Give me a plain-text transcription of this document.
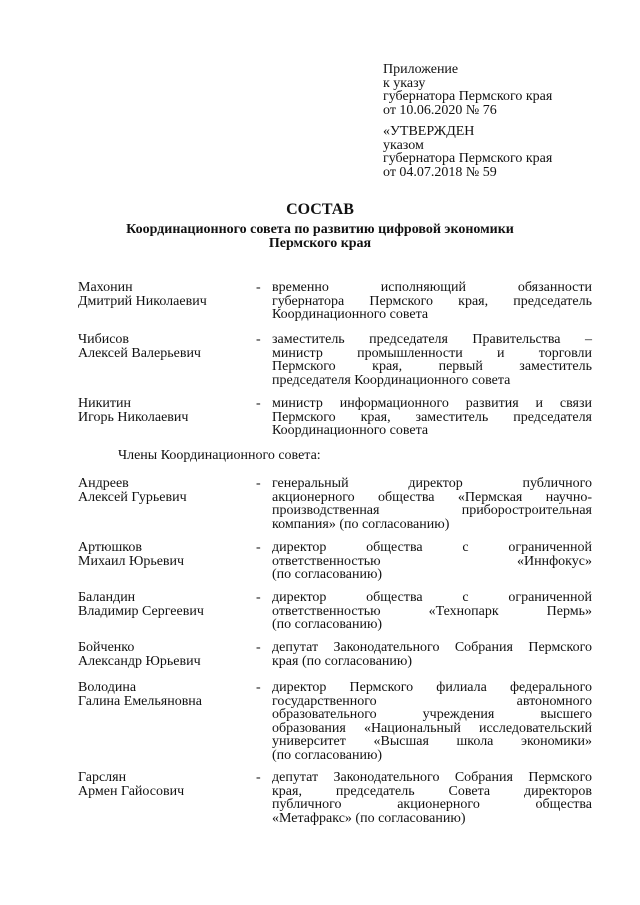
Приложение
к указу
губернатора Пермского края
от 10.06.2020 № 76
«УТВЕРЖДЕН
указом
губернатора Пермского края
от 04.07.2018 № 59
СОСТАВ
Координационного совета по развитию цифровой экономики
Пермского края
Махонин
Дмитрий Николаевич
- временно исполняющий обязанности
губернатора Пермского края, председатель
Координационного совета
Чибисов
Алексей Валерьевич
- заместитель председателя Правительства –
министр промышленности и торговли
Пермского края, первый заместитель
председателя Координационного совета
Никитин
Игорь Николаевич
- министр информационного развития и связи
Пермского края, заместитель председателя
Координационного совета
Члены Координационного совета:
Андреев
Алексей Гурьевич
- генеральный директор публичного
акционерного общества «Пермская научно-
производственная приборостроительная
компания» (по согласованию)
Артюшков
Михаил Юрьевич
- директор общества с ограниченной
ответственностью «Иннфокус»
(по согласованию)
Баландин
Владимир Сергеевич
- директор общества с ограниченной
ответственностью «Технопарк Пермь»
(по согласованию)
Бойченко
Александр Юрьевич
- депутат Законодательного Собрания Пермского
края (по согласованию)
Володина
Галина Емельяновна
- директор Пермского филиала федерального
государственного автономного
образовательного учреждения высшего
образования «Национальный исследовательский
университет «Высшая школа экономики»
(по согласованию)
Гарслян
Армен Гайосович
- депутат Законодательного Собрания Пермского
края, председатель Совета директоров
публичного акционерного общества
«Метафракс» (по согласованию)
